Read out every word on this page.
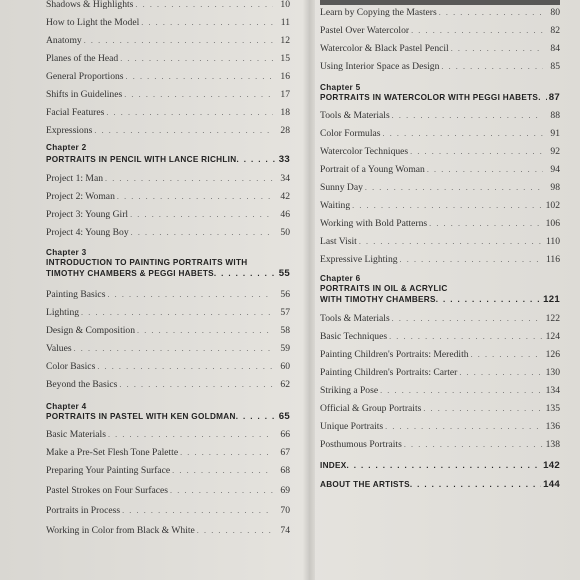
Shadows & Highlights . . .	10
How to Light the Model . . .	11
Anatomy . . .	12
Planes of the Head . . .	15
General Proportions . . .	16
Shifts in Guidelines . . .	17
Facial Features . . .	18
Expressions . . .	28
Chapter 2
PORTRAITS IN PENCIL WITH LANCE RICHLIN . . .	33
Project 1: Man . . .	34
Project 2: Woman . . .	42
Project 3: Young Girl . . .	46
Project 4: Young Boy . . .	50
Chapter 3
INTRODUCTION TO PAINTING PORTRAITS WITH
TIMOTHY CHAMBERS & PEGGI HABETS . . .	55
Painting Basics . . .	56
Lighting . . .	57
Design & Composition . . .	58
Values . . .	59
Color Basics . . .	60
Beyond the Basics . . .	62
Chapter 4
PORTRAITS IN PASTEL WITH KEN GOLDMAN . . .	65
Basic Materials . . .	66
Make a Pre-Set Flesh Tone Palette . . .	67
Preparing Your Painting Surface . . .	68
Pastel Strokes on Four Surfaces . . .	69
Portraits in Process . . .	70
Working in Color from Black & White . . .	74
Learn by Copying the Masters . . .	80
Pastel Over Watercolor . . .	82
Watercolor & Black Pastel Pencil . . .	84
Using Interior Space as Design . . .	85
Chapter 5
PORTRAITS IN WATERCOLOR WITH PEGGI HABETS . . . 87
Tools & Materials . . .	88
Color Formulas . . .	91
Watercolor Techniques . . .	92
Portrait of a Young Woman . . .	94
Sunny Day . . .	98
Waiting . . .	102
Working with Bold Patterns . . .	106
Last Visit . . .	110
Expressive Lighting . . .	116
Chapter 6
PORTRAITS IN OIL & ACRYLIC
WITH TIMOTHY CHAMBERS . . .	121
Tools & Materials . . .	122
Basic Techniques . . .	124
Painting Children's Portraits: Meredith . . .	126
Painting Children's Portraits: Carter . . .	130
Striking a Pose . . .	134
Official & Group Portraits . . .	135
Unique Portraits . . .	136
Posthumous Portraits . . .	138
INDEX . . .	142
ABOUT THE ARTISTS . . .	144
